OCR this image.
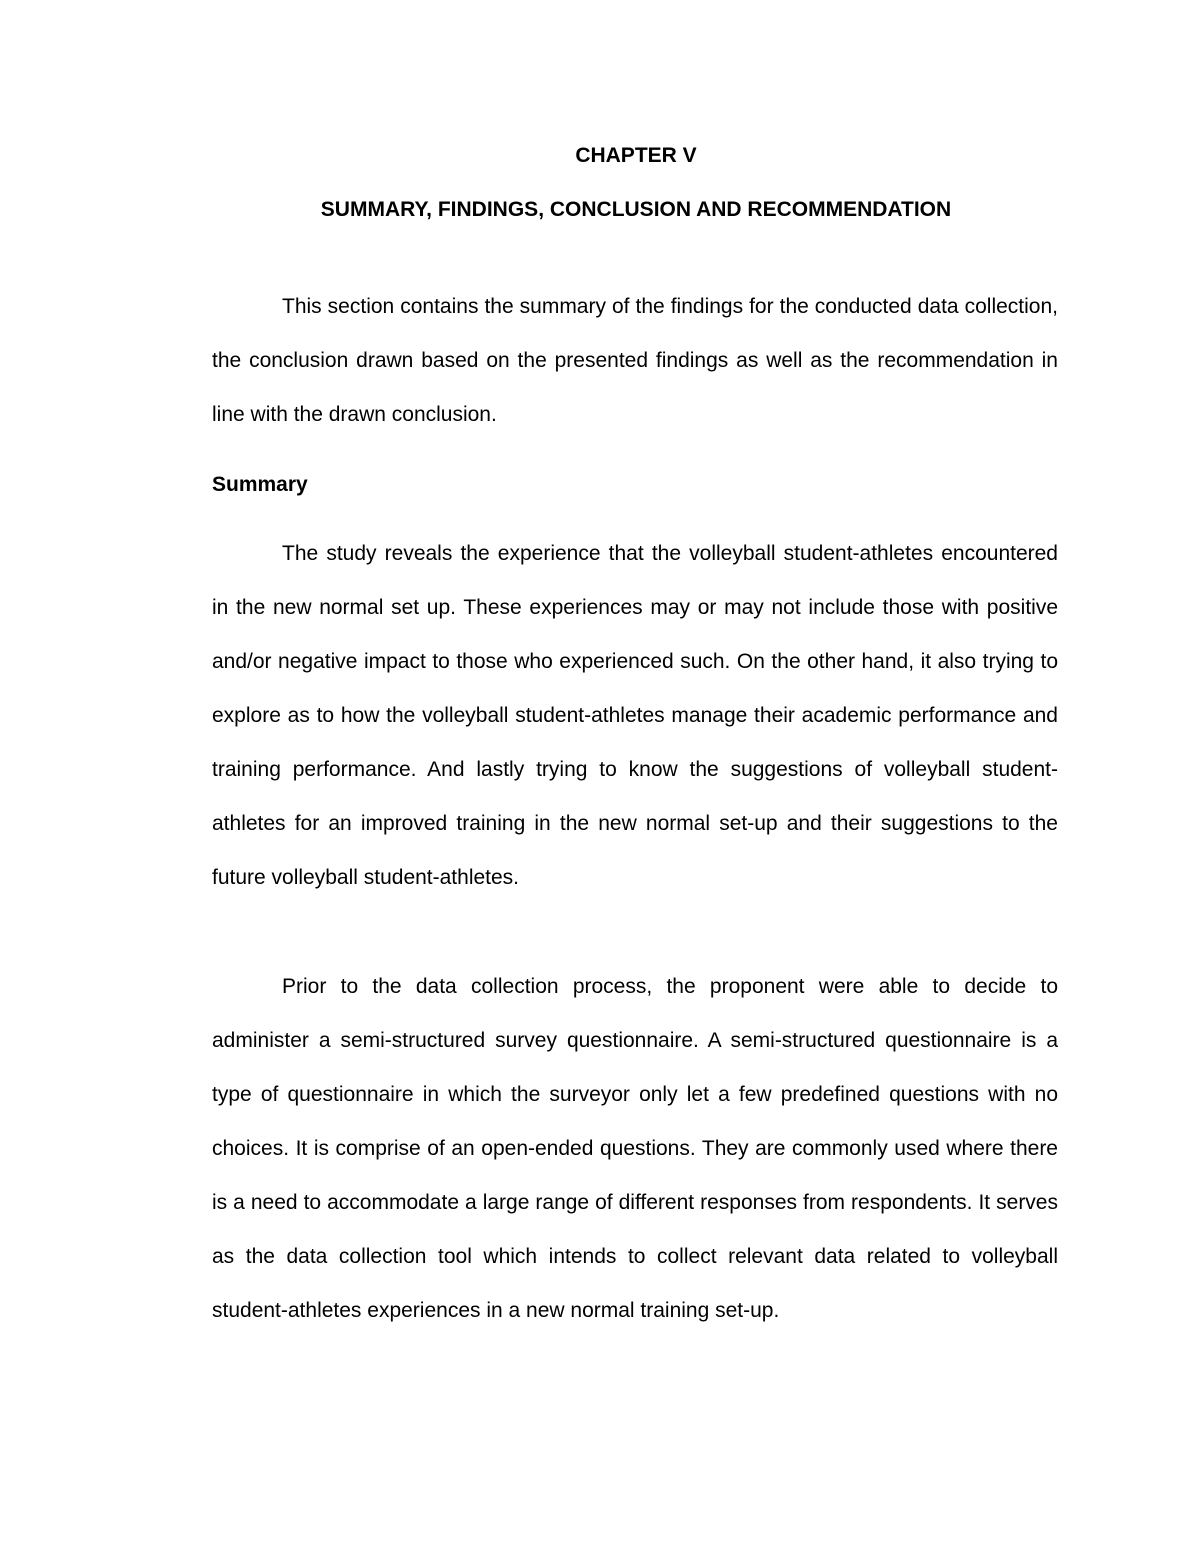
CHAPTER V

SUMMARY, FINDINGS, CONCLUSION AND RECOMMENDATION

This section contains the summary of the findings for the conducted data collection, the conclusion drawn based on the presented findings as well as the recommendation in line with the drawn conclusion.

Summary

The study reveals the experience that the volleyball student-athletes encountered in the new normal set up. These experiences may or may not include those with positive and/or negative impact to those who experienced such. On the other hand, it also trying to explore as to how the volleyball student-athletes manage their academic performance and training performance. And lastly trying to know the suggestions of volleyball student-athletes for an improved training in the new normal set-up and their suggestions to the future volleyball student-athletes.

Prior to the data collection process, the proponent were able to decide to administer a semi-structured survey questionnaire. A semi-structured questionnaire is a type of questionnaire in which the surveyor only let a few predefined questions with no choices. It is comprise of an open-ended questions. They are commonly used where there is a need to accommodate a large range of different responses from respondents. It serves as the data collection tool which intends to collect relevant data related to volleyball student-athletes experiences in a new normal training set-up.
